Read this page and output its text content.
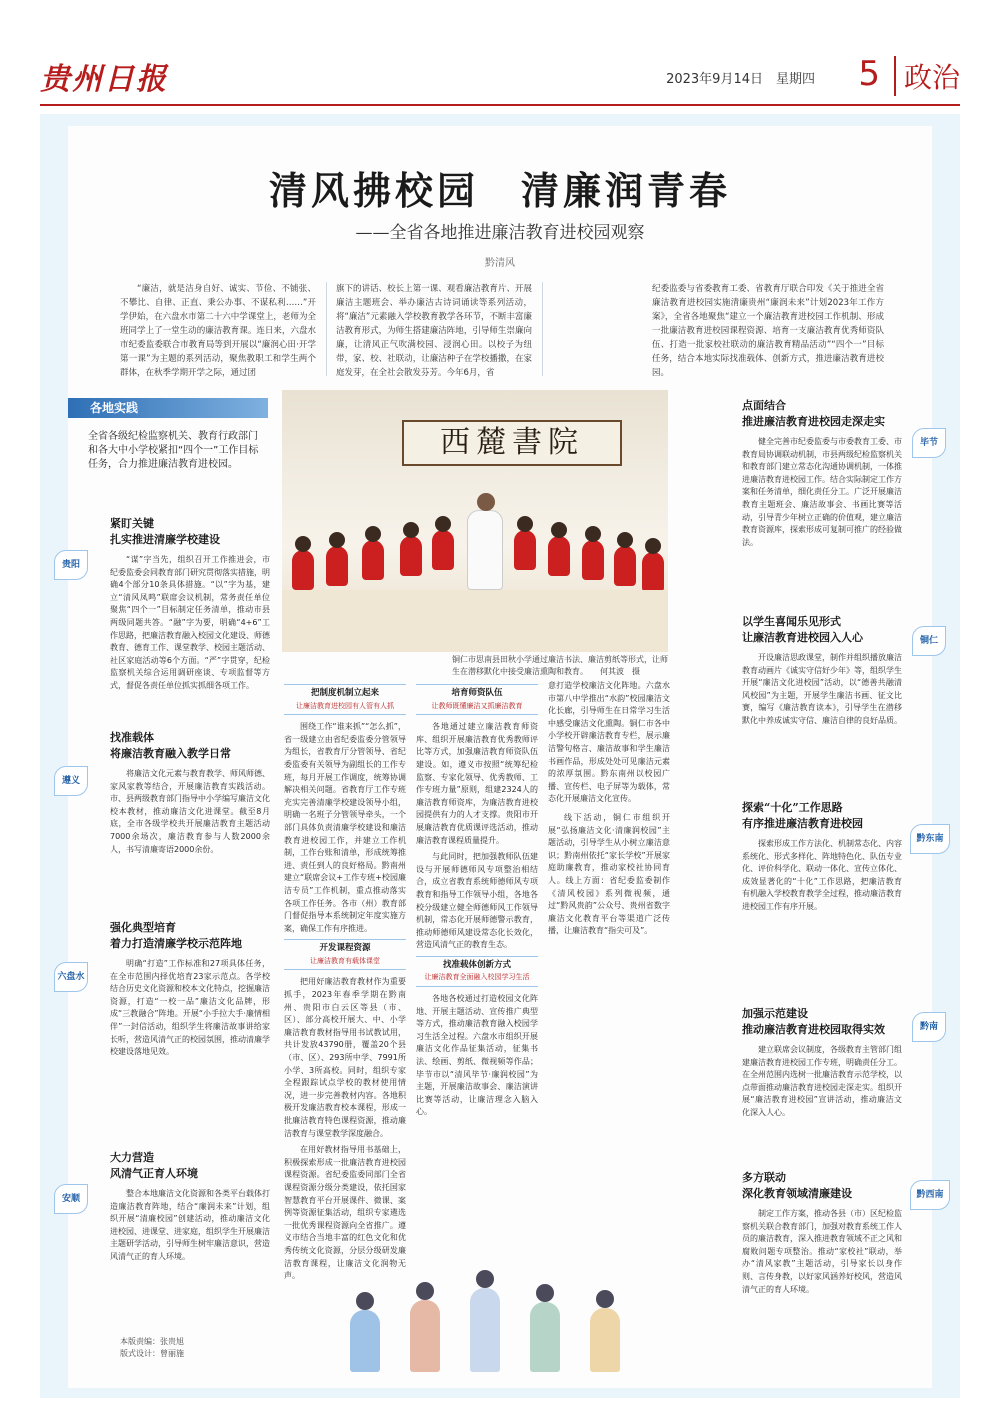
贵州日报	2023年9月14日　星期四 5 政治
清风拂校园　清廉润青春
——全省各地推进廉洁教育进校园观察
黔清风
“廉洁，就是洁身自好、诚实、节俭、不铺张、不攀比、自律、正直、秉公办事、不谋私利……”开学伊始，在六盘水市第二十六中学课堂上，老师为全班同学上了一堂生动的廉洁教育课。连日来，六盘水市纪委监委联合市教育局等到开展以“廉润心田·开学第一课”为主题的系列活动，聚焦教职工和学生两个群体，在秋季学期开学之际，通过团
旗下的讲话、校长上第一课、观看廉洁教育片、开展廉洁主题班会、举办廉洁古诗词诵读等系列活动，将“廉洁”元素融入学校教育教学各环节，不断丰富廉洁教育形式，为师生搭建廉洁阵地，引导师生崇廉向廉，让清风正气吹满校园、浸润心田。以校子为纽带，家、校、社联动，让廉洁种子在学校播撒，在家庭发芽，在全社会散发芬芳。今年6月，省
纪委监委与省委教育工委、省教育厅联合印发《关于推进全省廉洁教育进校园实施清廉贵州“廉润未来”计划2023年工作方案》，全省各地聚焦“建立一个廉洁教育进校园工作机制、形成一批廉洁教育进校园课程资源、培育一支廉洁教育优秀师资队伍、打造一批家校社联动的廉洁教育精品活动”“四个一”目标任务，结合本地实际找准载体、创新方式，推进廉洁教育进校园。
各地实践
全省各级纪检监察机关、教育行政部门和各大中小学校紧扣“四个一”工作目标任务，合力推进廉洁教育进校园。
西麓書院
铜仁市思南县田秋小学通过廉洁书法、廉洁剪纸等形式，让师生在潜移默化中接受廉洁熏陶和教育。　　何其波　摄
紧盯关键
扎实推进清廉学校建设
“谋”字当先，组织召开工作推进会，市纪委监委会同教育部门研究贯彻落实措施，明确4个部分10条具体措施。“以”字为基，建立“清风凤鸣”联席会议机制，常务责任单位聚焦“四个一”目标制定任务清单，推动市县两级同题共答。“融”字为要，明确“4+6”工作思路，把廉洁教育融入校园文化建设、师德教育、德育工作、课堂教学、校园主题活动、社区家庭活动等6个方面。“严”字贯穿，纪检监察机关综合运用调研座谈、专项监督等方式，督促各责任单位抓实抓细各项工作。
贵阳
找准载体
将廉洁教育融入教学日常
将廉洁文化元素与教育教学、师风师德、家风家教等结合，开展廉洁教育实践活动。市、县两级教育部门指导中小学编写廉洁文化校本教材，推动廉洁文化进课堂。截至8月底，全市各级学校共开展廉洁教育主题活动7000余场次，廉洁教育参与人数2000余人，书写清廉寄语2000余份。
遵义
强化典型培育
着力打造清廉学校示范阵地
明确“打造”工作标准和27项具体任务，在全市范围内择优培育23家示范点。各学校结合历史文化资源和校本文化特点，挖掘廉洁资源，打造“一校一品”廉洁文化品牌，形成“三教融合”阵地。开展“小手拉大手·廉情相伴”一封信活动，组织学生将廉洁故事讲给家长听，营造风清气正的校园氛围，推动清廉学校建设落地见效。
六盘水
大力营造
风清气正育人环境
整合本地廉洁文化资源和各类平台载体打造廉洁教育阵地，结合“廉润未来”计划，组织开展“清廉校园”创建活动，推动廉洁文化进校园、进课堂、进家庭，组织学生开展廉洁主题研学活动，引导师生树牢廉洁意识，营造风清气正的育人环境。
安顺
把制度机制立起来
让廉洁教育进校园有人管有人抓

围绕工作“谁来抓”“怎么抓”，省一级建立由省纪委监委分管领导为组长，省教育厅分管领导、省纪委监委有关领导为副组长的工作专班，每月开展工作调度，统筹协调解决相关问题。省教育厅工作专班充实完善清廉学校建设领导小组，明确一名班子分管领导牵头，一个部门具体负责清廉学校建设和廉洁教育进校园工作，并建立工作机制，工作台账和清单，形成统筹推进、责任到人的良好格局。黔南州建立“联席会议+工作专班+校园廉洁专员”工作机制，重点推动落实各项工作任务。各市（州）教育部门督促指导本系统制定年度实施方案，确保工作有序推进。

开发课程资源
让廉洁教育有载体课堂

把用好廉洁教育教材作为重要抓手，2023年春季学期在黔南州、贵阳市白云区等县（市、区）、部分高校开展大、中、小学廉洁教育教材指导用书试教试用，共计发放43790册，覆盖20个县（市、区）、293所中学、7991所小学、3所高校。同时，组织专家全程跟踪试点学校的教材使用情况，进一步完善教材内容。各地积极开发廉洁教育校本课程，形成一批廉洁教育特色课程资源，推动廉洁教育与课堂教学深度融合。

在用好教材指导用书基础上，积极探索形成一批廉洁教育进校园课程资源。省纪委监委同部门全省课程资源分级分类建设，依托国家智慧教育平台开展课件、微课、案例等资源征集活动，组织专家遴选一批优秀课程资源向全省推广。遵义市结合当地丰富的红色文化和优秀传统文化资源，分层分级研发廉洁教育课程，让廉洁文化润物无声。

培育师资队伍
让教师既懂廉洁又抓廉洁教育

各地通过建立廉洁教育师资库、组织开展廉洁教育优秀教师评比等方式，加强廉洁教育师资队伍建设。如，遵义市按照“统筹纪检监察、专家化领导、优秀教师、工作专班力量”原则，组建2324人的廉洁教育师资库，为廉洁教育进校园提供有力的人才支撑。贵阳市开展廉洁教育优质课评选活动，推动廉洁教育课程质量提升。

与此同时，把加强教师队伍建设与开展师德师风专项整治相结合，成立省教育系统师德师风专项教育和指导工作领导小组，各地各校分级建立健全师德师风工作领导机制，常态化开展师德警示教育，推动师德师风建设常态化长效化，营造风清气正的教育生态。

找准载体创新方式
让廉洁教育全面融入校园学习生活

各地各校通过打造校园文化阵地、开展主题活动、宣传推广典型等方式，推动廉洁教育融入校园学习生活全过程。六盘水市组织开展廉洁文化作品征集活动，征集书法、绘画、剪纸、微视频等作品；毕节市以“清风毕节·廉润校园”为主题，开展廉洁故事会、廉洁演讲比赛等活动，让廉洁理念入脑入心。

意打造学校廉洁文化阵地。六盘水市第八中学推出“水韵”校园廉洁文化长廊，引导师生在日常学习生活中感受廉洁文化熏陶。铜仁市各中小学校开辟廉洁教育专栏，展示廉洁警句格言、廉洁故事和学生廉洁书画作品，形成处处可见廉洁元素的浓厚氛围。黔东南州以校园广播、宣传栏、电子屏等为载体，常态化开展廉洁文化宣传。

线下活动，铜仁市组织开展“弘扬廉洁文化·清廉润校园”主题活动，引导学生从小树立廉洁意识；黔南州依托“家长学校”开展家庭助廉教育，推动家校社协同育人。线上方面：省纪委监委制作《清风校园》系列微视频，通过“黔风贵韵”公众号、贵州省数字廉洁文化教育平台等渠道广泛传播，让廉洁教育“指尖可及”。

点面结合
推进廉洁教育进校园走深走实
健全完善市纪委监委与市委教育工委、市教育局协调联动机制，市县两级纪检监察机关和教育部门建立常态化沟通协调机制，一体推进廉洁教育进校园工作。结合实际制定工作方案和任务清单，细化责任分工。广泛开展廉洁教育主题班会、廉洁故事会、书画比赛等活动，引导青少年树立正确的价值观，建立廉洁教育资源库，探索形成可复制可推广的经验做法。
毕节
以学生喜闻乐见形式
让廉洁教育进校园入人心
开设廉洁思政课堂，制作并组织播放廉洁教育动画片《诚实守信好少年》等，组织学生开展“廉洁文化进校园”活动，以“德善共融清风校园”为主题，开展学生廉洁书画、征文比赛，编写《廉洁教育读本》，引导学生在潜移默化中养成诚实守信、廉洁自律的良好品质。
铜仁
探索“十化”工作思路
有序推进廉洁教育进校园
探索形成工作方法化、机制常态化、内容系统化、形式多样化、阵地特色化、队伍专业化、评价科学化、联动一体化、宣传立体化、成效显著化的“十化”工作思路，把廉洁教育有机融入学校教育教学全过程，推动廉洁教育进校园工作有序开展。
黔东南
加强示范建设
推动廉洁教育进校园取得实效
建立联席会议制度，各级教育主管部门组建廉洁教育进校园工作专班，明确责任分工。在全州范围内选树一批廉洁教育示范学校，以点带面推动廉洁教育进校园走深走实。组织开展“廉洁教育进校园”宣讲活动，推动廉洁文化深入人心。
黔南
多方联动
深化教育领域清廉建设
制定工作方案，推动各县（市）区纪检监察机关联合教育部门，加强对教育系统工作人员的廉洁教育，深入推进教育领域不正之风和腐败问题专项整治。推动“家校社”联动，举办“清风家教”主题活动，引导家长以身作则、言传身教，以好家风涵养好校风，营造风清气正的育人环境。
黔西南
本版责编：张贵旭
版式设计：曾丽施
